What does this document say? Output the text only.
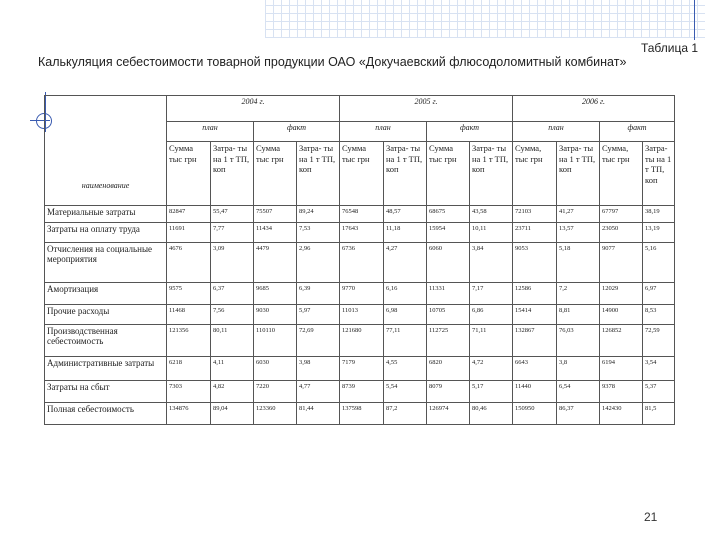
Таблица 1
Калькуляция себестоимости товарной продукции ОАО «Докучаевский флюсодоломитный комбинат»
наименование	2004 г.				2005 г.				2006 г.			
	план		факт		план		факт		план		факт	
	Сумма тыс грн	Затра- ты на 1 т ТП, коп	Сумма тыс грн	Затра- ты на 1 т ТП, коп	Сумма тыс грн	Затра- ты на 1 т ТП, коп	Сумма тыс грн	Затра- ты на 1 т ТП, коп	Сумма, тыс грн	Затра- ты на 1 т ТП, коп	Сумма, тыс грн	Затра- ты на 1 т ТП, коп
Материальные затраты	82847	55,47	75507	89,24	76548	48,57	68675	43,58	72103	41,27	67797	38,19
Затраты на оплату труда	11691	7,77	11434	7,53	17643	11,18	15954	10,11	23711	13,57	23050	13,19
Отчисления на социальные мероприятия	4676	3,09	4479	2,96	6736	4,27	6060	3,84	9053	5,18	9077	5,16
Амортизация	9575	6,37	9685	6,39	9770	6,16	11331	7,17	12586	7,2	12029	6,97
Прочие расходы	11468	7,56	9030	5,97	11013	6,98	10705	6,86	15414	8,81	14900	8,53
Производственная себестоимость	121356	80,11	110110	72,69	121680	77,11	112725	71,11	132867	76,03	126852	72,59
Административные затраты	6218	4,11	6030	3,98	7179	4,55	6820	4,72	6643	3,8	6194	3,54
Затраты на сбыт	7303	4,82	7220	4,77	8739	5,54	8079	5,17	11440	6,54	9378	5,37
Полная себестоимость	134876	89,04	123360	81,44	137598	87,2	126974	80,46	150950	86,37	142430	81,5
21
